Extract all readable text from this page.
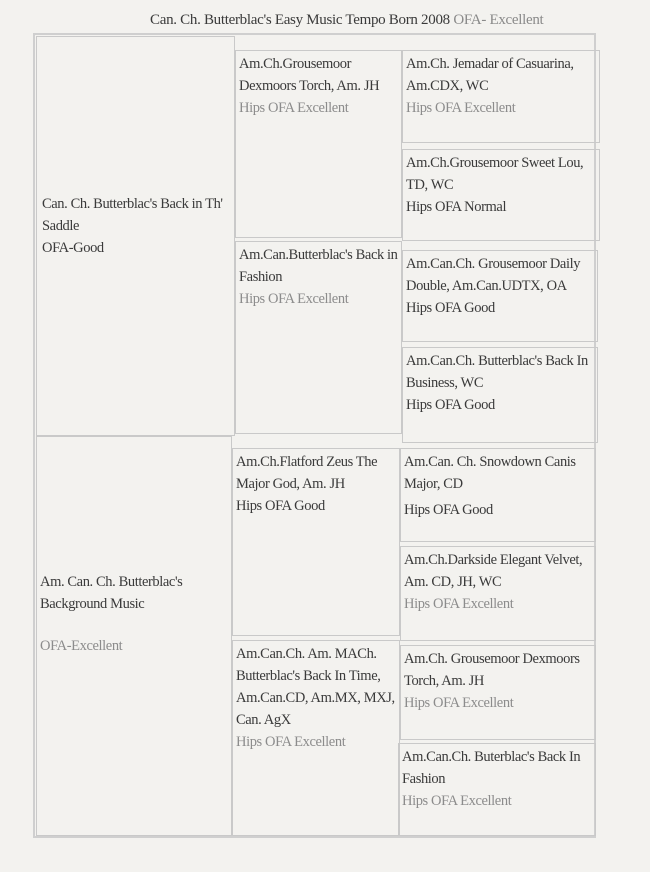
Can. Ch. Butterblac's Easy Music Tempo Born 2008 OFA- Excellent
Can. Ch. Butterblac's Back in Th' Saddle
OFA-Good
Am. Can. Ch. Butterblac's Background Music
OFA-Excellent
Am.Ch.Grousemoor Dexmoors Torch, Am. JH
Hips OFA Excellent
Am.Can.Butterblac's Back in Fashion
Hips OFA Excellent
Am.Ch.Flatford Zeus The Major God, Am. JH
Hips OFA Good
Am.Can.Ch. Am. MACh. Butterblac's Back In Time, Am.Can.CD, Am.MX, MXJ, Can. AgX
Hips OFA Excellent
Am.Ch. Jemadar of Casuarina, Am.CDX, WC
Hips OFA Excellent
Am.Ch.Grousemoor Sweet Lou, TD, WC
Hips OFA Normal
Am.Can.Ch. Grousemoor Daily Double, Am.Can.UDTX, OA
Hips OFA Good
Am.Can.Ch. Butterblac's Back In Business, WC
Hips OFA Good
Am.Can. Ch. Snowdown Canis Major, CD
Hips OFA Good
Am.Ch.Darkside Elegant Velvet, Am. CD, JH, WC
Hips OFA Excellent
Am.Ch. Grousemoor Dexmoors Torch, Am. JH
Hips OFA Excellent
Am.Can.Ch. Buterblac's Back In Fashion
Hips OFA Excellent
